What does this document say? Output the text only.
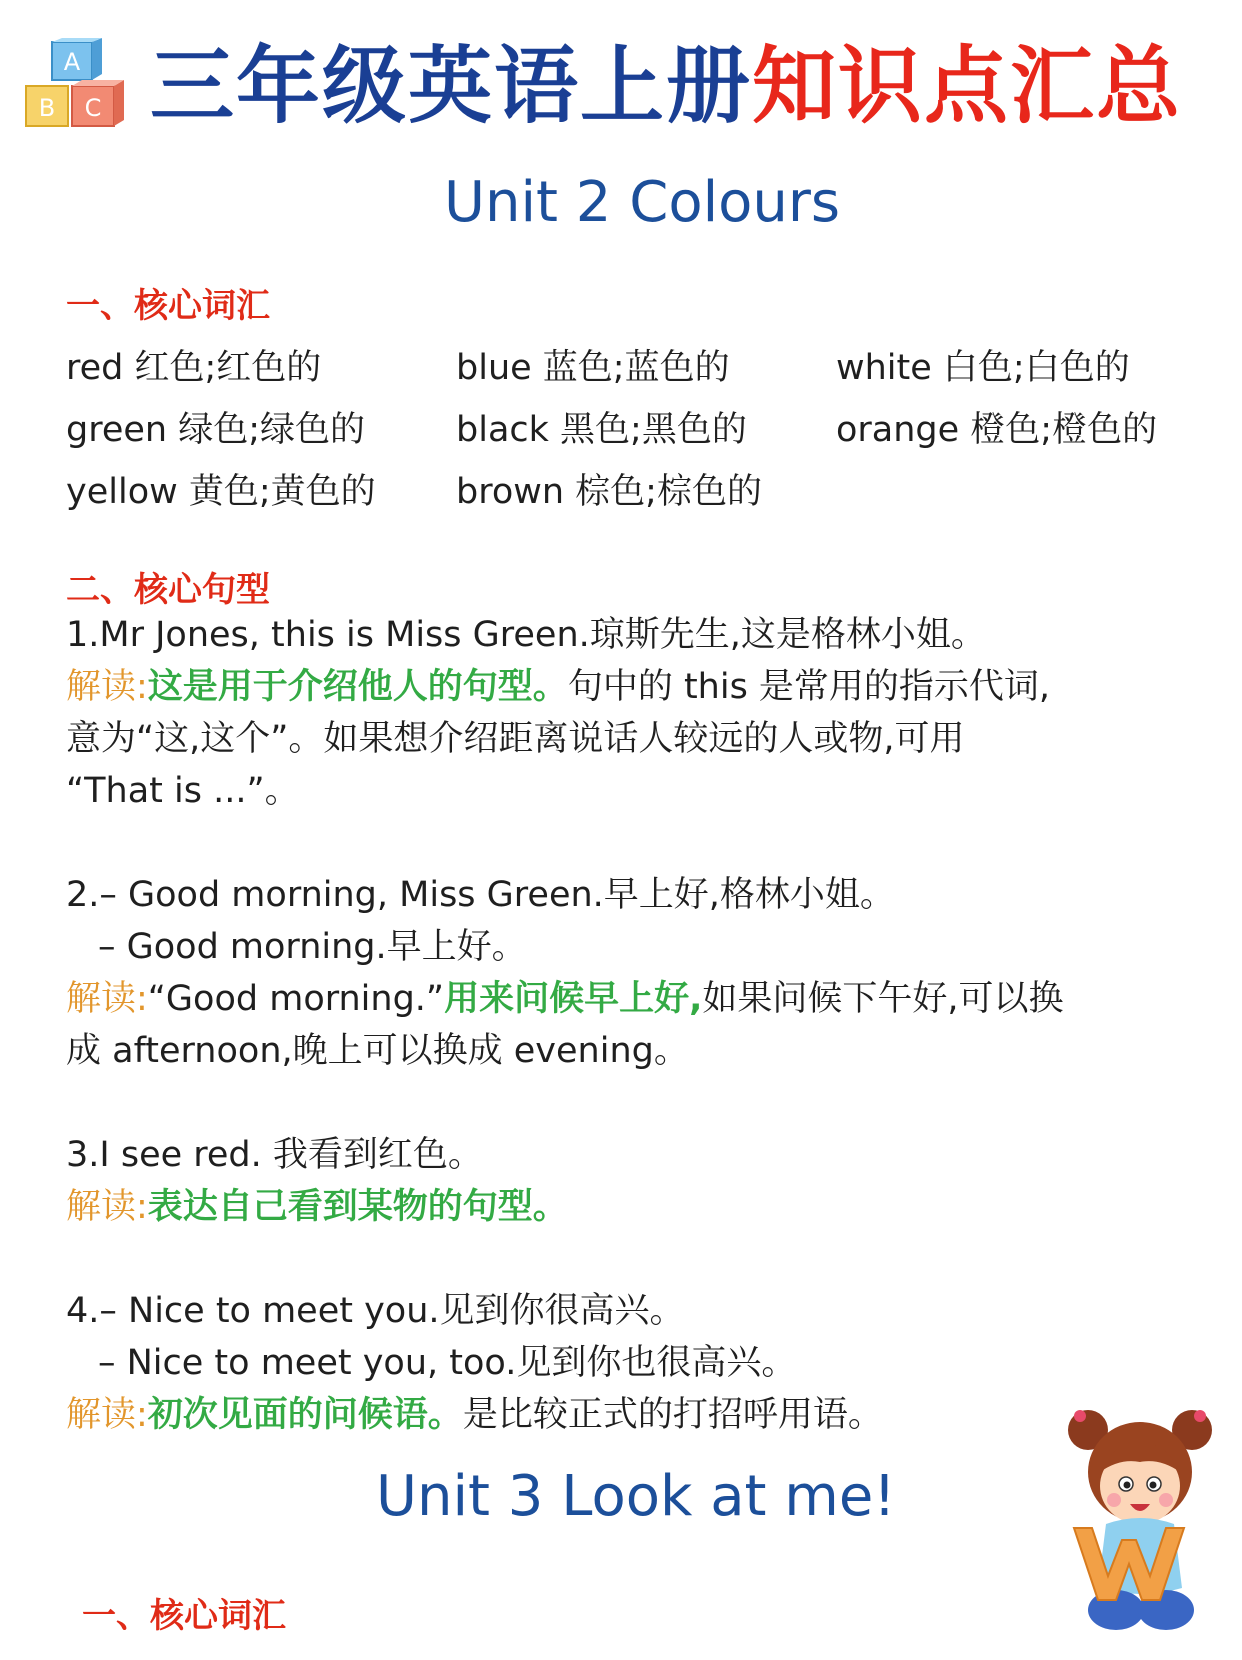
A
B C 三年级英语上册知识点汇总
Unit 2 Colours
一、核心词汇
red 红色;红色的	blue 蓝色;蓝色的	white 白色;白色的
green 绿色;绿色的	black 黑色;黑色的	orange 橙色;橙色的
yellow 黄色;黄色的 brown 棕色;棕色的
二、核心句型
1.Mr Jones, this is Miss Green.琼斯先生,这是格林小姐。
解读:这是用于介绍他人的句型。句中的 this 是常用的指示代词,
意为“这,这个”。如果想介绍距离说话人较远的人或物,可用
“That is ...”。
2.– Good morning, Miss Green.早上好,格林小姐。
– Good morning.早上好。
解读:“Good morning.”用来问候早上好,如果问候下午好,可以换
成 afternoon,晚上可以换成 evening。
3.I see red. 我看到红色。
解读:表达自己看到某物的句型。
4.– Nice to meet you.见到你很高兴。
– Nice to meet you, too.见到你也很高兴。
解读:初次见面的问候语。是比较正式的打招呼用语。
Unit 3 Look at me!
一、核心词汇
